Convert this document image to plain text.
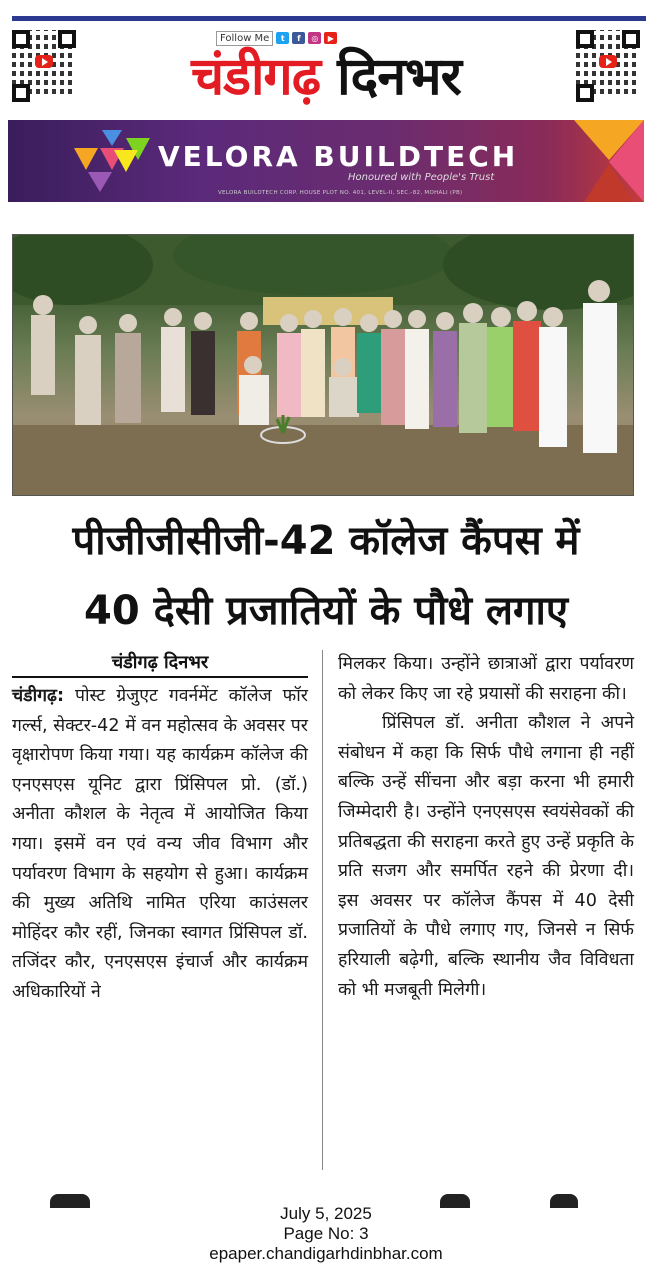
Follow Me	t	f	◎	▶
चंडीगढ़ दिनभर
VELORA BUILDTECH
Honoured with People's Trust
VELORA BUILDTECH CORP. HOUSE PLOT NO. 401, LEVEL-II, SEC.-82, MOHALI (PB)
पीजीजीसीजी-42 कॉलेज कैंपस में
40 देसी प्रजातियों के पौधे लगाए
चंडीगढ़ दिनभर

चंडीगढ़: पोस्ट ग्रेजुएट गवर्नमेंट कॉलेज फॉर गर्ल्स, सेक्टर-42 में वन महोत्सव के अवसर पर वृक्षारोपण किया गया। यह कार्यक्रम कॉलेज की एनएसएस यूनिट द्वारा प्रिंसिपल प्रो. (डॉ.) अनीता कौशल के नेतृत्व में आयोजित किया गया। इसमें वन एवं वन्य जीव विभाग और पर्यावरण विभाग के सहयोग से हुआ। कार्यक्रम की मुख्य अतिथि नामित एरिया काउंसलर मोहिंदर कौर रहीं, जिनका स्वागत प्रिंसिपल डॉ. तजिंदर कौर, एनएसएस इंचार्ज और कार्यक्रम अधिकारियों ने

मिलकर किया। उन्होंने छात्राओं द्वारा पर्यावरण को लेकर किए जा रहे प्रयासों की सराहना की।

प्रिंसिपल डॉ. अनीता कौशल ने अपने संबोधन में कहा कि सिर्फ पौधे लगाना ही नहीं बल्कि उन्हें सींचना और बड़ा करना भी हमारी जिम्मेदारी है। उन्होंने एनएसएस स्वयंसेवकों की प्रतिबद्धता की सराहना करते हुए उन्हें प्रकृति के प्रति सजग और समर्पित रहने की प्रेरणा दी। इस अवसर पर कॉलेज कैंपस में 40 देसी प्रजातियों के पौधे लगाए गए, जिनसे न सिर्फ हरियाली बढ़ेगी, बल्कि स्थानीय जैव विविधता को भी मजबूती मिलेगी।

July 5, 2025
Page No: 3
epaper.chandigarhdinbhar.com
